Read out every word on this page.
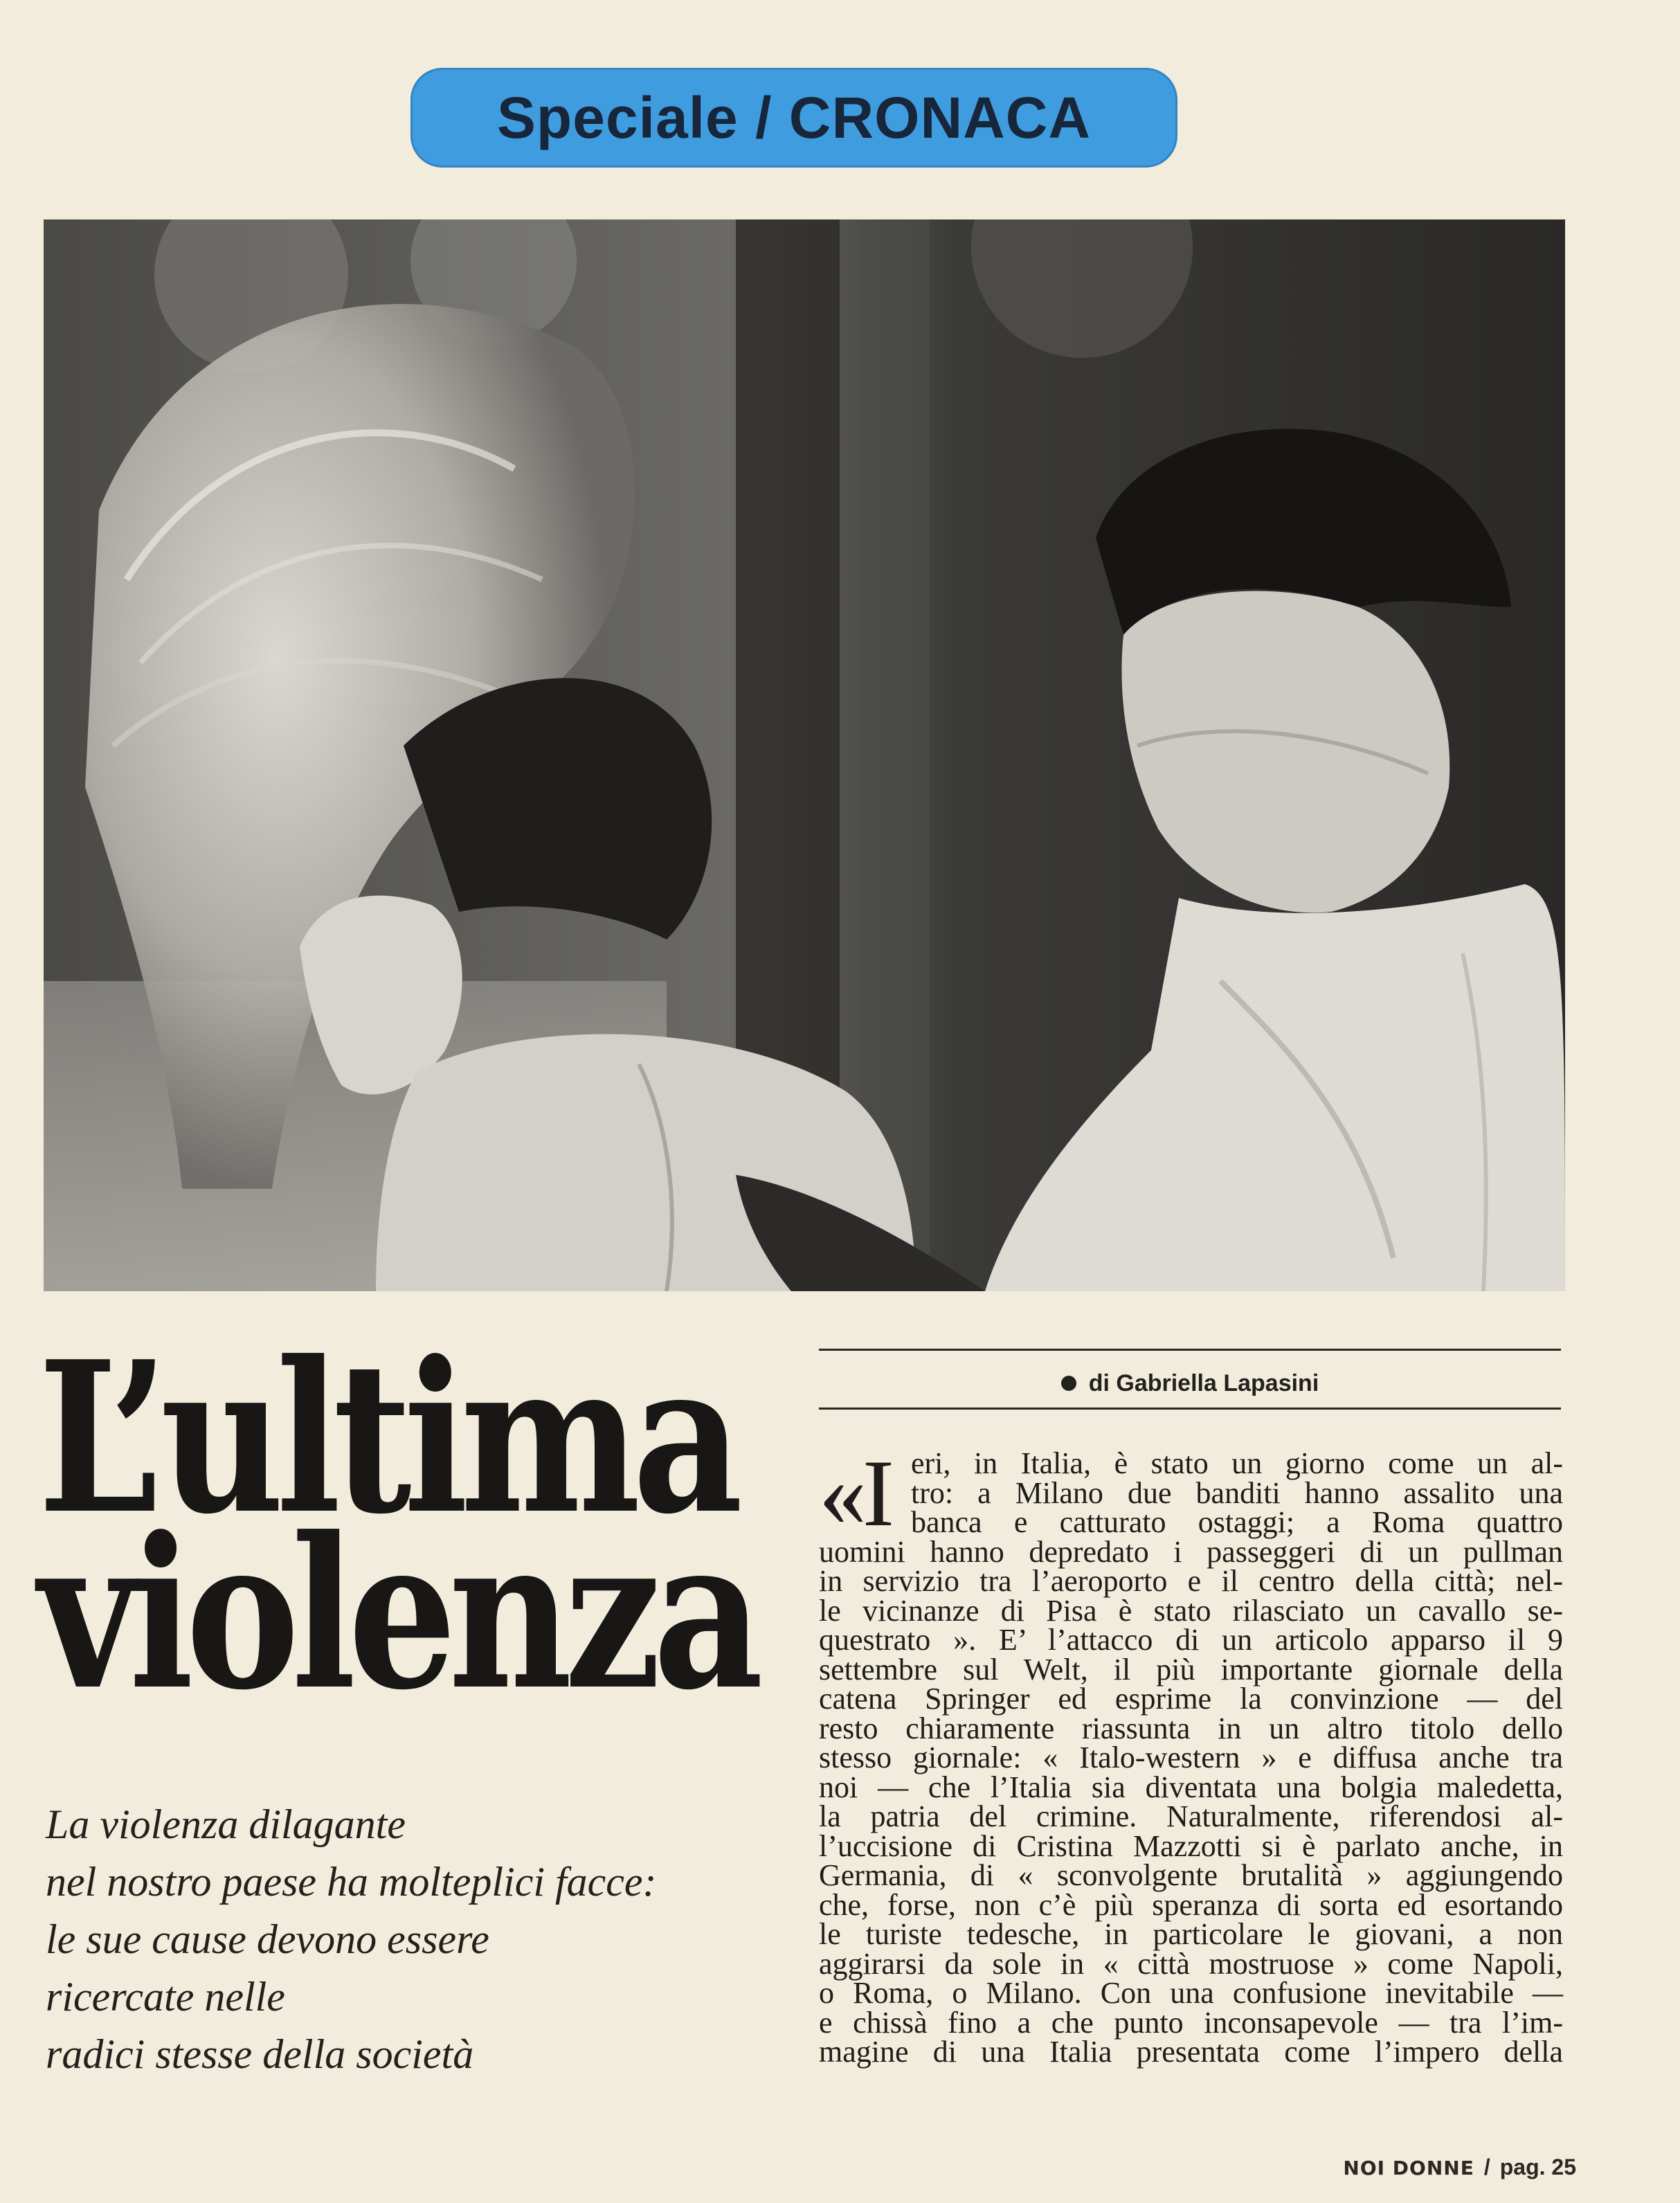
Speciale / CRONACA
L’ultima
violenza
La violenza dilagante
nel nostro paese ha molteplici facce:
le sue cause devono essere
ricercate nelle
radici stesse della società
di Gabriella Lapasini
«I eri, in Italia, è stato un giorno come un al-
tro: a Milano due banditi hanno assalito una
banca e catturato ostaggi; a Roma quattro
uomini hanno depredato i passeggeri di un pullman
in servizio tra l’aeroporto e il centro della città; nel-
le vicinanze di Pisa è stato rilasciato un cavallo se-
questrato ». E’ l’attacco di un articolo apparso il 9
settembre sul Welt, il più importante giornale della
catena Springer ed esprime la convinzione — del
resto chiaramente riassunta in un altro titolo dello
stesso giornale: « Italo-western » e diffusa anche tra
noi — che l’Italia sia diventata una bolgia maledetta,
la patria del crimine. Naturalmente, riferendosi al-
l’uccisione di Cristina Mazzotti si è parlato anche, in
Germania, di « sconvolgente brutalità » aggiungendo
che, forse, non c’è più speranza di sorta ed esortando
le turiste tedesche, in particolare le giovani, a non
aggirarsi da sole in « città mostruose » come Napoli,
o Roma, o Milano. Con una confusione inevitabile —
e chissà fino a che punto inconsapevole — tra l’im-
magine di una Italia presentata come l’impero della
NOI DONNE / pag. 25
